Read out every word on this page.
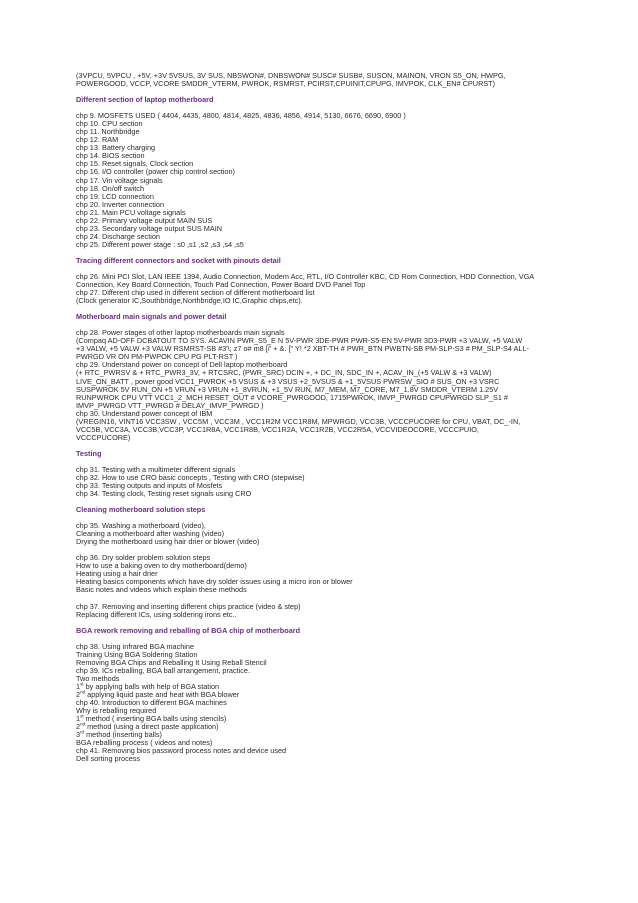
(3VPCU, 5VPCU , +5V, +3V 5VSUS, 3V SUS, NBSWON#, DNBSWON# SUSC# SUSB#, SUSON, MAINON, VRON S5_ON, HWPG,
POWERGOOD, VCCP, VCORE SMDDR_VTERM, PWROK, RSMRST, PCIRST,CPUINIT,CPUPG, IMVPOK, CLK_EN# CPURST)
Different section of laptop motherboard
chp 9. MOSFETS USED ( 4404, 4435, 4800, 4814, 4825, 4836, 4856, 4914, 5130, 6676, 6690, 6900 )
chp 10. CPU section
chp 11. Northbridge
chp 12. RAM
chp 13. Battery charging
chp 14. BIOS section
chp 15. Reset signals, Clock section
chp 16. I/O controller (power chip control section)
chp 17. Vin voltage signals
chp 18. On/off switch
chp 19. LCD connection
chp 20. Inverter connection
chp 21. Main PCU voltage signals
chp 22. Primary voltage output MAIN SUS
chp 23. Secondary voltage output SUS MAIN
chp 24. Discharge section
chp 25. Different power stage : s0 ,s1 ,s2 ,s3 ,s4 ,s5
Tracing different connectors and socket with pinouts detail
chp 26. Mini PCI Slot, LAN IEEE 1394, Audio Connection, Modem Acc, RTL, I/O Controller KBC, CD Rom Connection, HDD Connection, VGA
Connection, Key Board Connection, Touch Pad Connection, Power Board DVD Panel Top
chp 27. Different chip used in different section of different motherboard list
(Clock generator IC,Southbridge,Northbridge,IO IC,Graphic chips,etc).
Motherboard main signals and power detail
chp 28. Power stages of other laptop motherboards main signals
(Compaq AD-OFF DCBATOUT TO SYS. ACAVIN PWR_S5_E N 5V-PWR 3DE-PWR PWR-S5-EN 5V-PWR 3D3-PWR +3 VALW, +5 VALW
+3 VALW, +5 VALW +3 VALW RSMRST-SB #3'\; z7 o# m8 [/' + &. [" Y! *2 XBT-TH # PWR_BTN PWBTN-SB PM-SLP-S3 # PM_SLP-S4 ALL-
PWRGD VR ON PM-PWPOK CPU PG PLT-RST )
chp 29. Understand power on concept of Dell laptop motherboard
(+ RTC_PWRSV & + RTC_PWR3_3V, + RTCSRC, (PWR_SRC) DCIN +, + DC_IN, SDC_IN +, ACAV_IN_(+5 VALW & +3 VALW)
LIVE_ON_BATT , power good VCC1_PWROK +5 VSUS & +3 VSUS +2_5VSUS & +1_5VSUS PWRSW_SIO # SUS_ON +3 VSRC
SUSPWROK 5V RUN_ON +5 VRUN +3 VRUN +1_8VRUN, +1_5V RUN, M7_MEM, M7_CORE, M7_1.8V SMDDR_VTERM 1.25V
RUNPWROK CPU VTT VCC1_2_MCH RESET_OUT # VCORE_PWRGOOD, 1715PWROK, IMVP_PWRGD CPUPWRGD SLP_S1 #
IMVP_PWRGD VTT_PWRGD # DELAY_IMVP_PWRGD )
chp 30. Understand power concept of IBM
(VREGIN16, VINT16 VCC3SW , VCC5M , VCC3M , VCC1R2M VCC1R8M, MPWRGD, VCC3B, VCCCPUCORE for CPU, VBAT, DC_-IN,
VCC5B, VCC3A, VCC3B,VCC3P, VCC1R8A, VCC1R8B, VCC1R2A, VCC1R2B, VCC2R5A, VCCVIDEOCORE, VCCCPUIO,
VCCCPUCORE)
Testing
chp 31. Testing with a multimeter different signals
chp 32. How to use CRO basic concepts , Testing with CRO (stepwise)
chp 33. Testing outputs and inputs of Mosfets
chp 34. Testing clock, Testing reset signals using CRO
Cleaning motherboard solution steps
chp 35. Washing a motherboard (video),
Cleaning a motherboard after washing (video)
Drying the motherboard using hair drier or blower (video)
chp 36. Dry solder problem solution steps
How to use a baking oven to dry motherboard(demo)
Heating using a hair drier
Heating basics components which have dry solder issues using a micro iron or blower
Basic notes and videos which explain these methods
chp 37. Removing and inserting different chips practice (video & step)
Replacing different ICs, using soldering irons etc..
BGA rework removing and reballing of BGA chip of motherboard
chp 38. Using infrared BGA machine
Training Using BGA Soldering Station
Removing BGA Chips and Reballing It Using Reball Stencil
chp 39. ICs reballing, BGA ball arrangement, practice.
Two methods
1st by applying balls with help of BGA station
2nd applying liquid paste and heat with BGA blower
chp 40. Introduction to different BGA machines
Why is reballing required
1st method ( inserting BGA balls using stencils)
2nd method (using a direct paste application)
3rd method (inserting balls)
BGA reballing process ( videos and notes)
chp 41. Removing bios password process notes and device used
Dell sorting process
